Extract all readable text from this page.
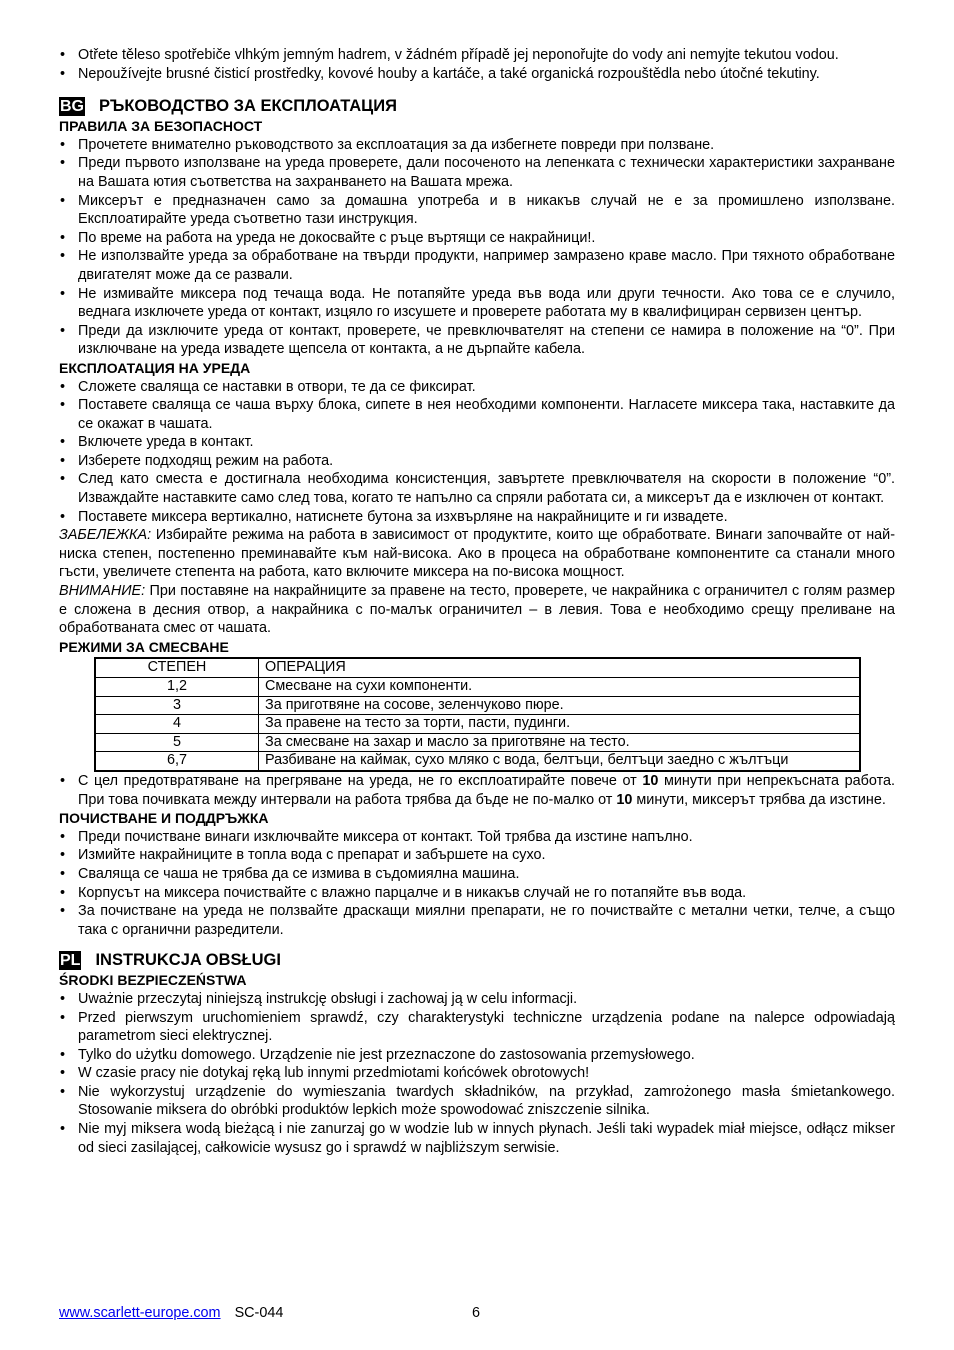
• Otřete těleso spotřebiče vlhkým jemným hadrem, v žádném případě jej neponořujte do vody ani nemyjte tekutou vodou.
• Nepoužívejte brusné čisticí prostředky, kovové houby a kartáče, a také organická rozpouštědla nebo útočné tekutiny.
BG РЪКОВОДСТВО ЗА ЕКСПЛОАТАЦИЯ
ПРАВИЛА ЗА БЕЗОПАСНОСТ
• Прочетете внимателно ръководството за експлоатация за да избегнете повреди при ползване.
• Преди първото използване на уреда проверете, дали посоченото на лепенката с технически характеристики захранване на Вашата ютия съответства на захранването на Вашата мрежа.
• Миксерът е предназначен само за домашна употреба и в никакъв случай не е за промишлено използване. Експлоатирайте уреда съответно тази инструкция.
• По време на работа на уреда не докосвайте с ръце въртящи се накрайници!.
• Не използвайте уреда за обработване на твърди продукти, например замразено краве масло. При тяхното обработване двигателят може да се развали.
• Не измивайте миксера под течаща вода. Не потапяйте уреда във вода или други течности. Ако това се е случило, веднага изключете уреда от контакт, изцяло го изсушете и проверете работата му в квалифициран сервизен център.
• Преди да изключите уреда от контакт, проверете, че превключвателят на степени се намира в положение на “0”. При изключване на уреда извадете щепсела от контакта, а не дърпайте кабела.
ЕКСПЛОАТАЦИЯ НА УРЕДА
• Сложете сваляща се наставки в отвори, те да се фиксират.
• Поставете сваляща се чаша върху блока, сипете в нея необходими компоненти. Нагласете миксера така, наставките да се окажат в чашата.
• Включете уреда в контакт.
• Изберете подходящ режим на работа.
• След като сместа е достигнала необходима консистенция, завъртете превключвателя на скорости в положение “0”. Изваждайте наставките само след това, когато те напълно са спряли работата си, а миксерът да е изключен от контакт.
• Поставете миксера вертикално, натиснете бутона за изхвърляне на накрайниците и ги извадете.

ЗАБЕЛЕЖКА: Избирайте режима на работа в зависимост от продуктите, които ще обработвате. Винаги започвайте от най-ниска степен, постепенно преминавайте към най-висока. Ако в процеса на обработване компонентите са станали много гъсти, увеличете степента на работа, като включите миксера на по-висока мощност.

ВНИМАНИЕ: При поставяне на накрайниците за правене на тесто, проверете, че накрайника с ограничител с голям размер е сложена в десния отвор, а накрайника с по-малък ограничител – в левия. Това е необходимо срещу преливане на обработваната смес от чашата.

РЕЖИМИ ЗА СМЕСВАНЕ
СТЕПЕН	ОПЕРАЦИЯ
1,2	Смесване на сухи компоненти.
3	За приготвяне на сосове, зеленчуково пюре.
4	За правене на тесто за торти, пасти, пудинги.
5	За смесване на захар и масло за приготвяне на тесто.
6,7	Разбиване на каймак, сухо мляко с вода, белтъци, белтъци заедно с жълтъци
• С цел предотвратяване на прегряване на уреда, не го експлоатирайте повече от 10 минути при непрекъсната работа. При това почивката между интервали на работа трябва да бъде не по-малко от 10 минути, миксерът трябва да изстине.
ПОЧИСТВАНЕ И ПОДДРЪЖКА
• Преди почистване винаги изключвайте миксера от контакт. Той трябва да изстине напълно.
• Измийте накрайниците в топла вода с препарат и забършете на сухо.
• Сваляща се чаша не трябва да се измива в съдомиялна машина.
• Корпусът на миксера почиствайте с влажно парцалче и в никакъв случай не го потапяйте във вода.
• За почистване на уреда не ползвайте драскащи миялни препарати, не го почиствайте с метални четки, телче, а също така с органични разредители.
PL INSTRUKCJA OBSŁUGI
ŚRODKI BEZPIECZEŃSTWA
• Uważnie przeczytaj niniejszą instrukcję obsługi i zachowaj ją w celu informacji.
• Przed pierwszym uruchomieniem sprawdź, czy charakterystyki techniczne urządzenia podane na nalepce odpowiadają parametrom sieci elektrycznej.
• Tylko do użytku domowego. Urządzenie nie jest przeznaczone do zastosowania przemysłowego.
• W czasie pracy nie dotykaj ręką lub innymi przedmiotami końcówek obrotowych!
• Nie wykorzystuj urządzenie do wymieszania twardych składników, na przykład, zamrożonego masła śmietankowego. Stosowanie miksera do obróbki produktów lepkich może spowodować zniszczenie silnika.
• Nie myj miksera wodą bieżącą i nie zanurzaj go w wodzie lub w innych płynach. Jeśli taki wypadek miał miejsce, odłącz mikser od sieci zasilającej, całkowicie wysusz go i sprawdź w najbliższym serwisie.
www.scarlett-europe.com SC-044	6
